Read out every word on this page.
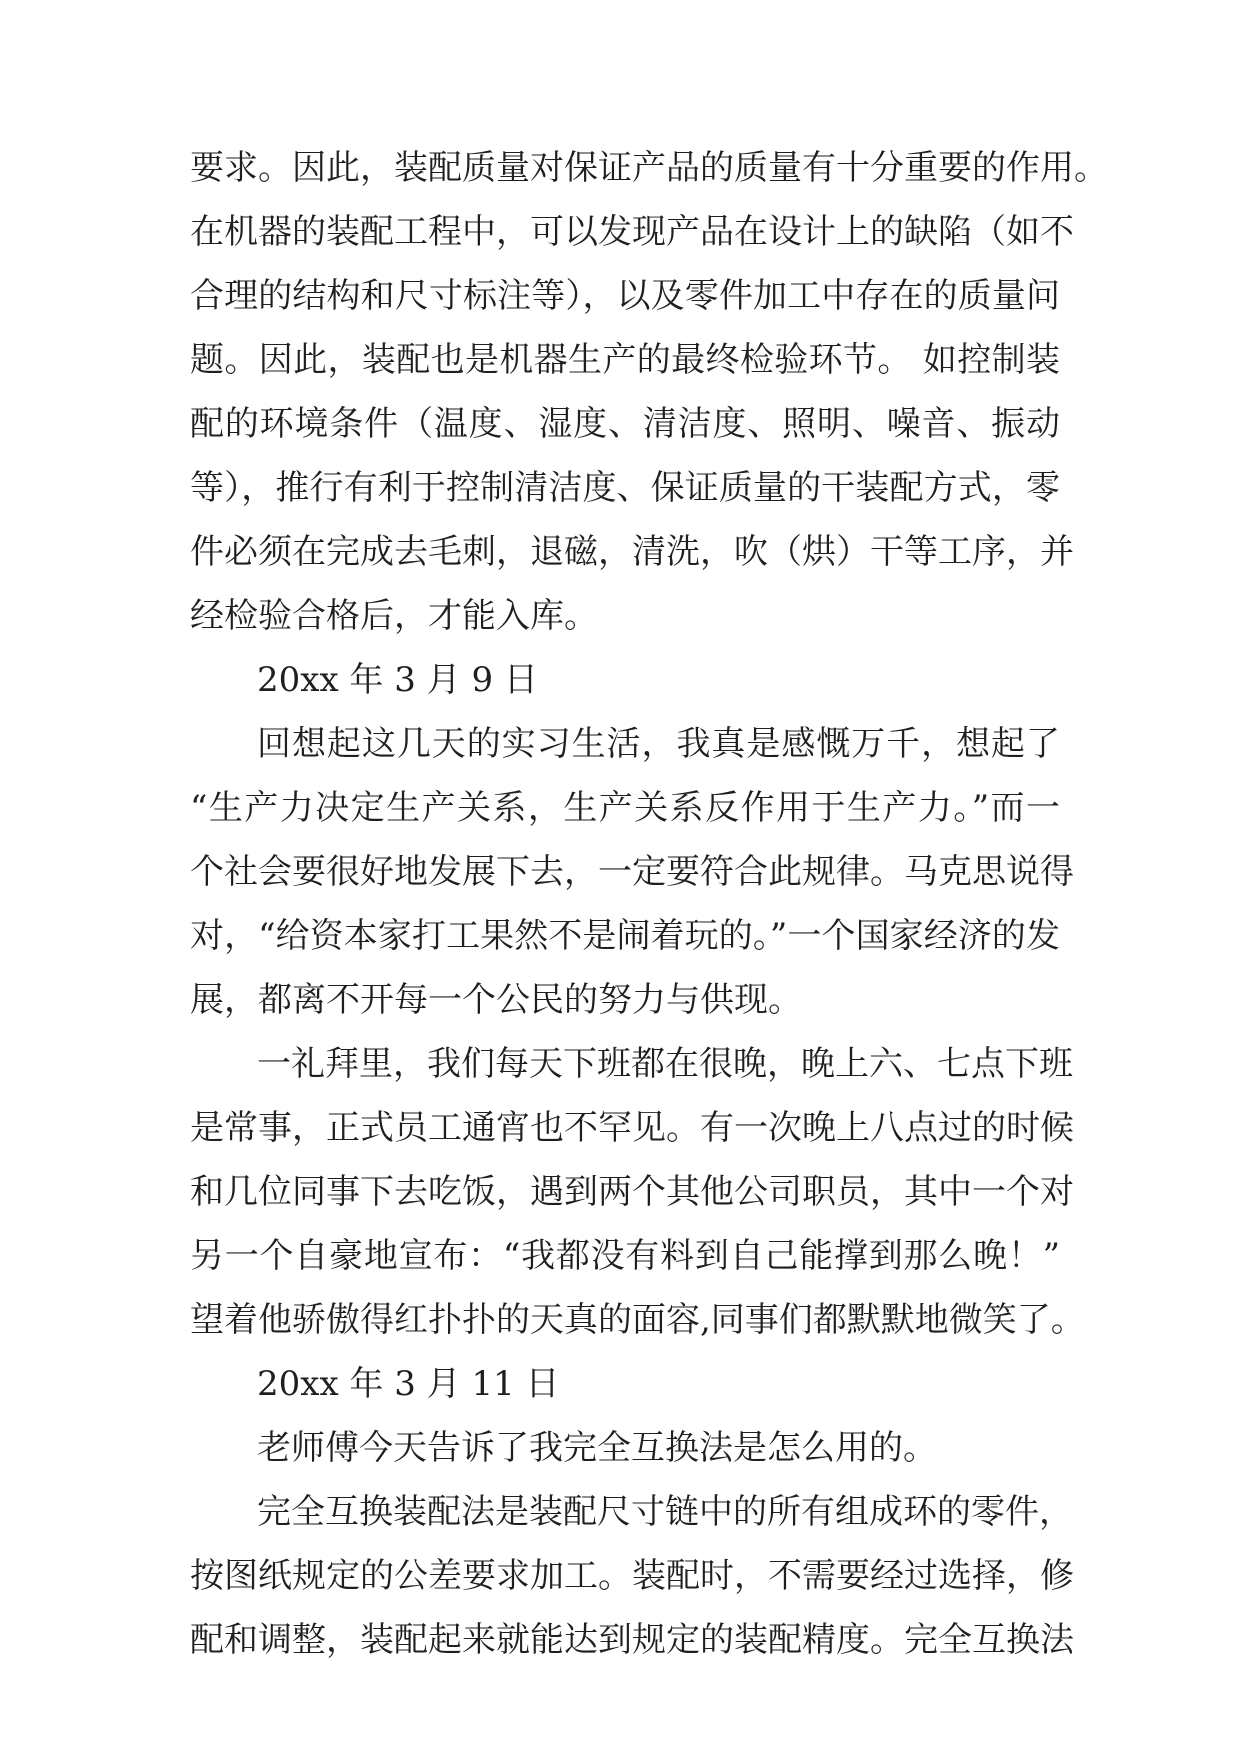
要求。因此，装配质量对保证产品的质量有十分重要的作用。
在机器的装配工程中，可以发现产品在设计上的缺陷（如不
合理的结构和尺寸标注等），以及零件加工中存在的质量问
题。因此，装配也是机器生产的最终检验环节。 如控制装
配的环境条件（温度、湿度、清洁度、照明、噪音、振动
等），推行有利于控制清洁度、保证质量的干装配方式，零
件必须在完成去毛刺，退磁，清洗，吹（烘）干等工序，并
经检验合格后，才能入库。
20xx 年 3 月 9 日
回想起这几天的实习生活，我真是感慨万千，想起了
“生产力决定生产关系，生产关系反作用于生产力。”而一
个社会要很好地发展下去，一定要符合此规律。马克思说得
对，“给资本家打工果然不是闹着玩的。”一个国家经济的发
展，都离不开每一个公民的努力与供现。
一礼拜里，我们每天下班都在很晚，晚上六、七点下班
是常事，正式员工通宵也不罕见。有一次晚上八点过的时候
和几位同事下去吃饭，遇到两个其他公司职员，其中一个对
另一个自豪地宣布：“我都没有料到自己能撑到那么晚！”
望着他骄傲得红扑扑的天真的面容,同事们都默默地微笑了。
20xx 年 3 月 11 日
老师傅今天告诉了我完全互换法是怎么用的。
完全互换装配法是装配尺寸链中的所有组成环的零件，
按图纸规定的公差要求加工。装配时，不需要经过选择，修
配和调整，装配起来就能达到规定的装配精度。完全互换法
